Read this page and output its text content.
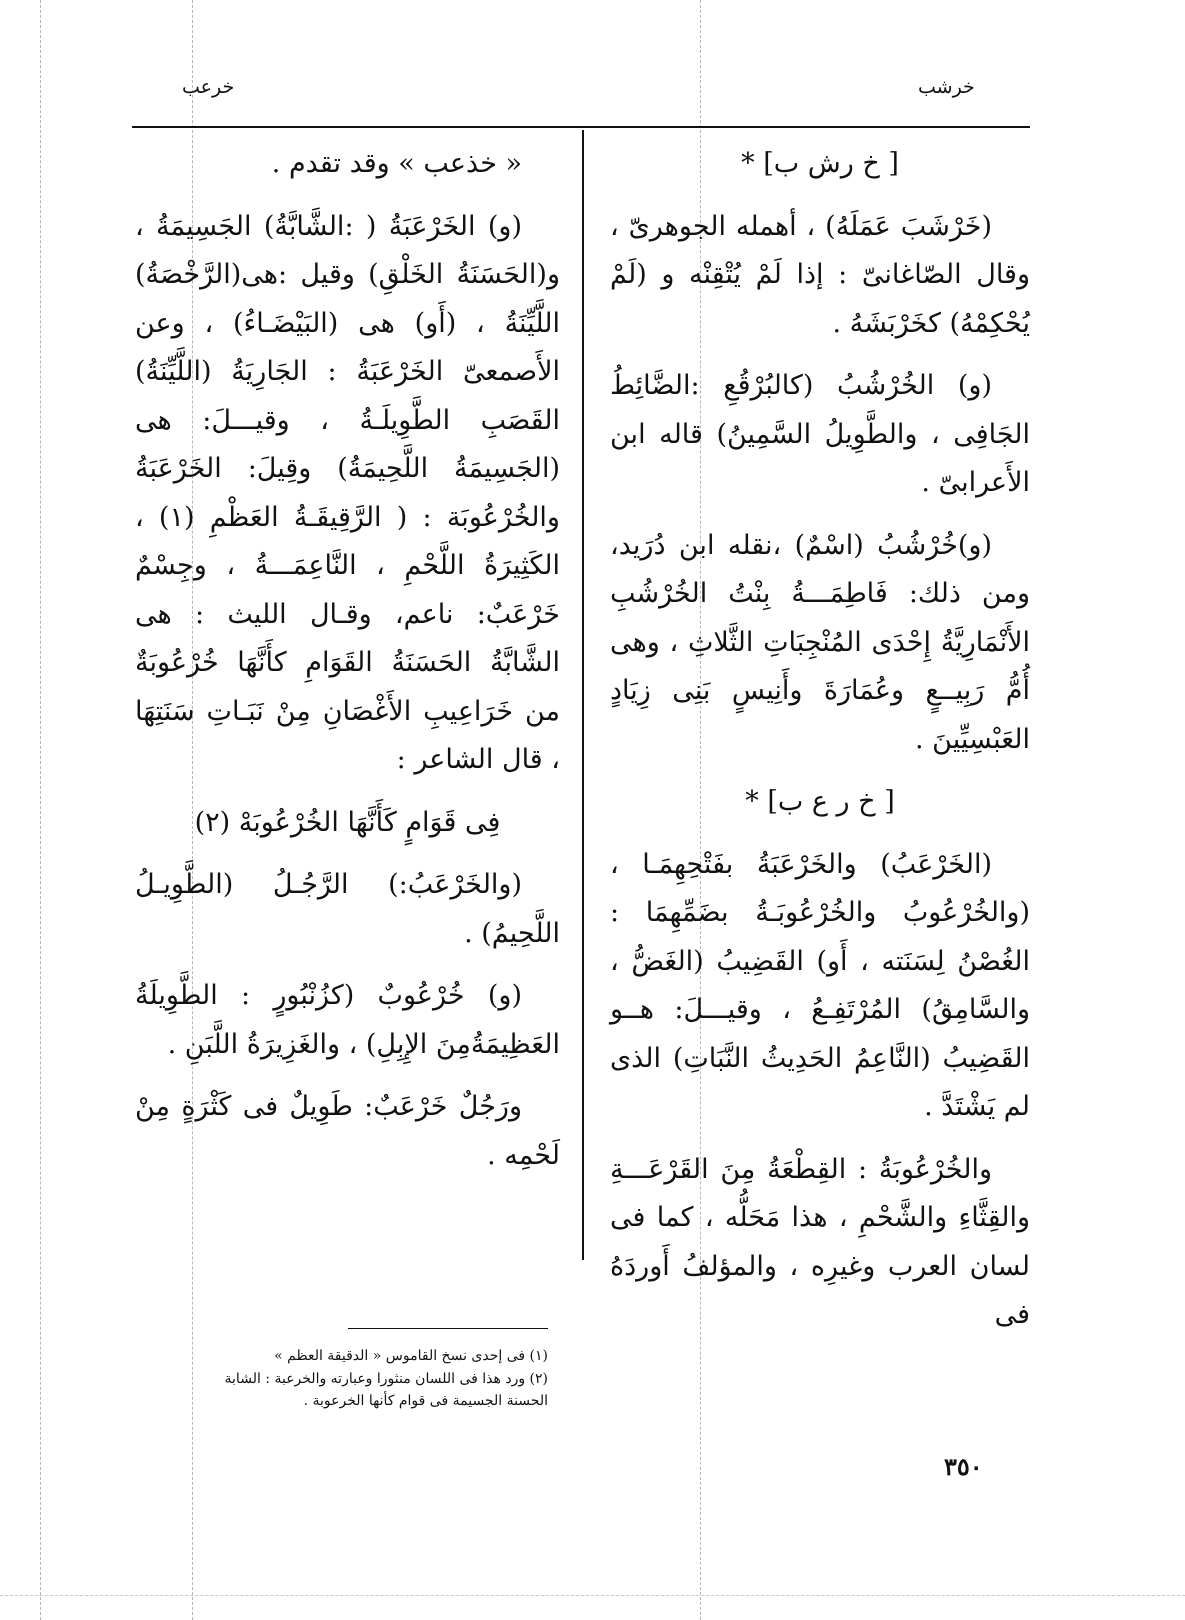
خرشب
خرعب

[ خ رش ب] *

(خَرْشَبَ عَمَلَهُ) ، أهمله الجوهرىّ ، وقال الصّاغانىّ : إذا لَمْ يُتْقِنْه و (لَمْ يُحْكِمْهُ) كخَرْبَشَهُ .

(و) الخُرْشُبُ (كالبُرْقُعِ :الضَّائِطُ الجَافِى ، والطَّوِيلُ السَّمِينُ) قاله ابن الأَعرابىّ .

(و)خُرْشُبُ (اسْمٌ) ،نقله ابن دُرَيد، ومن ذلك: فَاطِمَـــةُ بِنْتُ الخُرْشُبِ الأَنْمَارِيَّةُ إِحْدَى المُنْجِبَاتِ الثَّلاثِ ، وهى أُمُّ رَبِيــعٍ وعُمَارَةَ وأَنِيسٍ بَنِى زِيَادٍ العَبْسِيِّينَ .

[ خ ر ع ب] *

(الخَرْعَبُ) والخَرْعَبَةُ بفَتْحِهِمَـا ، (والخُرْعُوبُ والخُرْعُوبَـةُ بضَمِّهِمَا : الغُصْنُ لِسَنَته ، أَو) القَضِيبُ (الغَضُّ ، والسَّامِقُ) المُرْتَفِـعُ ، وقيـــلَ: هــو القَضِيبُ (النَّاعِمُ الحَدِيثُ النَّبَاتِ) الذى لم يَشْتَدَّ .

والخُرْعُوبَةُ : القِطْعَةُ مِنَ القَرْعَـــةِ والقِثَّاءِ والشَّحْمِ ، هذا مَحَلُّه ، كما فى لسان العرب وغيرِه ، والمؤلفُ أَوردَهُ فى

« خذعب » وقد تقدم .

(و) الخَرْعَبَةُ ( :الشَّابَّةُ) الجَسِيمَةُ ، و(الحَسَنَةُ الخَلْقِ) وقيل :هى(الرَّخْصَةُ) اللَّيِّنَةُ ، (أَو) هى (البَيْضَـاءُ) ، وعن الأَصمعىّ الخَرْعَبَةُ : الجَارِيَةُ (اللَّيِّنَةُ) القَصَبِ الطَّوِيلَـةُ ، وقيـــلَ: هى (الجَسِيمَةُ اللَّحِيمَةُ) وقِيلَ: الخَرْعَبَةُ والخُرْعُوبَة : ( الرَّقِيقَـةُ العَظْمِ (١) ، الكَثِيرَةُ اللَّحْمِ ، النَّاعِمَـــةُ ، وجِسْمٌ خَرْعَبٌ: ناعم، وقـال الليث : هى الشَّابَّةُ الحَسَنَةُ القَوَامِ كأَنَّهَا خُرْعُوبَةٌ من خَرَاعِيبِ الأَغْصَانِ مِنْ نَبَـاتِ سَنَتِهَا ، قال الشاعر :

فِى قَوَامٍ كَأَنَّهَا الخُرْعُوبَهْ (٢)

(والخَرْعَبُ:) الرَّجُـلُ (الطَّوِيـلُ اللَّحِيمُ) .

(و) خُرْعُوبٌ (كزُنْبُورٍ : الطَّوِيلَةُ العَظِيمَةُمِنَ الإِبِلِ) ، والغَزِيرَةُ اللَّبَنِ .

ورَجُلٌ خَرْعَبٌ: طَوِيلٌ فى كَثْرَةٍ مِنْ لَحْمِه .

(١) فى إحدى نسخ القاموس « الدقيقة العظم »
(٢) ورد هذا فى اللسان منثورا وعبارته والخرعبة : الشابة الحسنة الجسيمة فى قوام كأنها الخرعوبة .
٣٥٠
